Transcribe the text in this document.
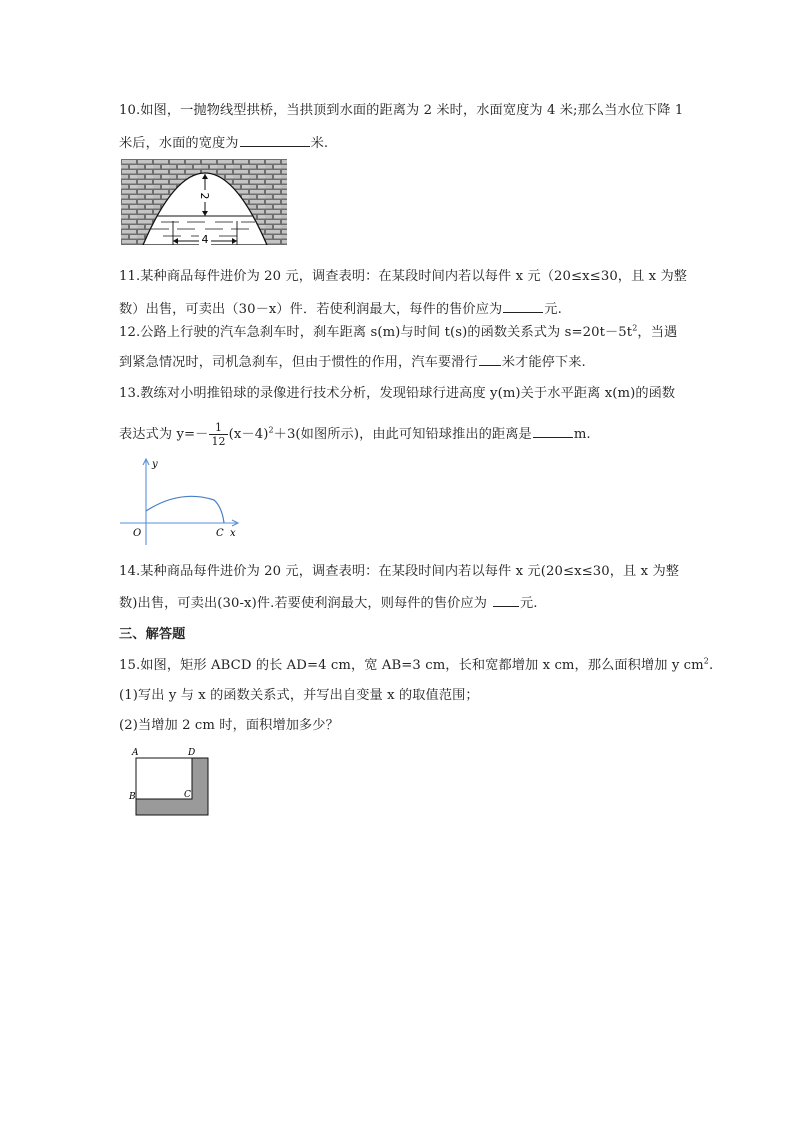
10.如图，一抛物线型拱桥，当拱顶到水面的距离为 2 米时，水面宽度为 4 米;那么当水位下降 1
米后，水面的宽度为	米.
2
4
11.某种商品每件进价为 20 元，调查表明：在某段时间内若以每件 x 元（20≤x≤30，且 x 为整
数）出售，可卖出（30－x）件．若使利润最大，每件的售价应为	元.
12.公路上行驶的汽车急刹车时，刹车距离 s(m)与时间 t(s)的函数关系式为 $s=20t-5t^2$，当遇
到紧急情况时，司机急刹车，但由于惯性的作用，汽车要滑行 米才能停下来.
13.教练对小明推铅球的录像进行技术分析，发现铅球行进高度 y(m)关于水平距离 x(m)的函数
表达式为 $y=- \frac{1}{12} (x-4)^2+3$(如图所示)，由此可知铅球推出的距离是	m.
y
x
O	C
14.某种商品每件进价为 20 元，调查表明：在某段时间内若以每件 x 元(20≤x≤30，且 x 为整
数)出售，可卖出(30-x)件.若要使利润最大，则每件的售价应为	元.
三、解答题
15.如图，矩形 ABCD 的长 AD=4 cm，宽 AB=3 cm，长和宽都增加 x cm，那么面积增加 y $cm^2$.
(1)写出 y 与 x 的函数关系式，并写出自变量 x 的取值范围；
(2)当增加 2 cm 时，面积增加多少？
A	D
B	C
